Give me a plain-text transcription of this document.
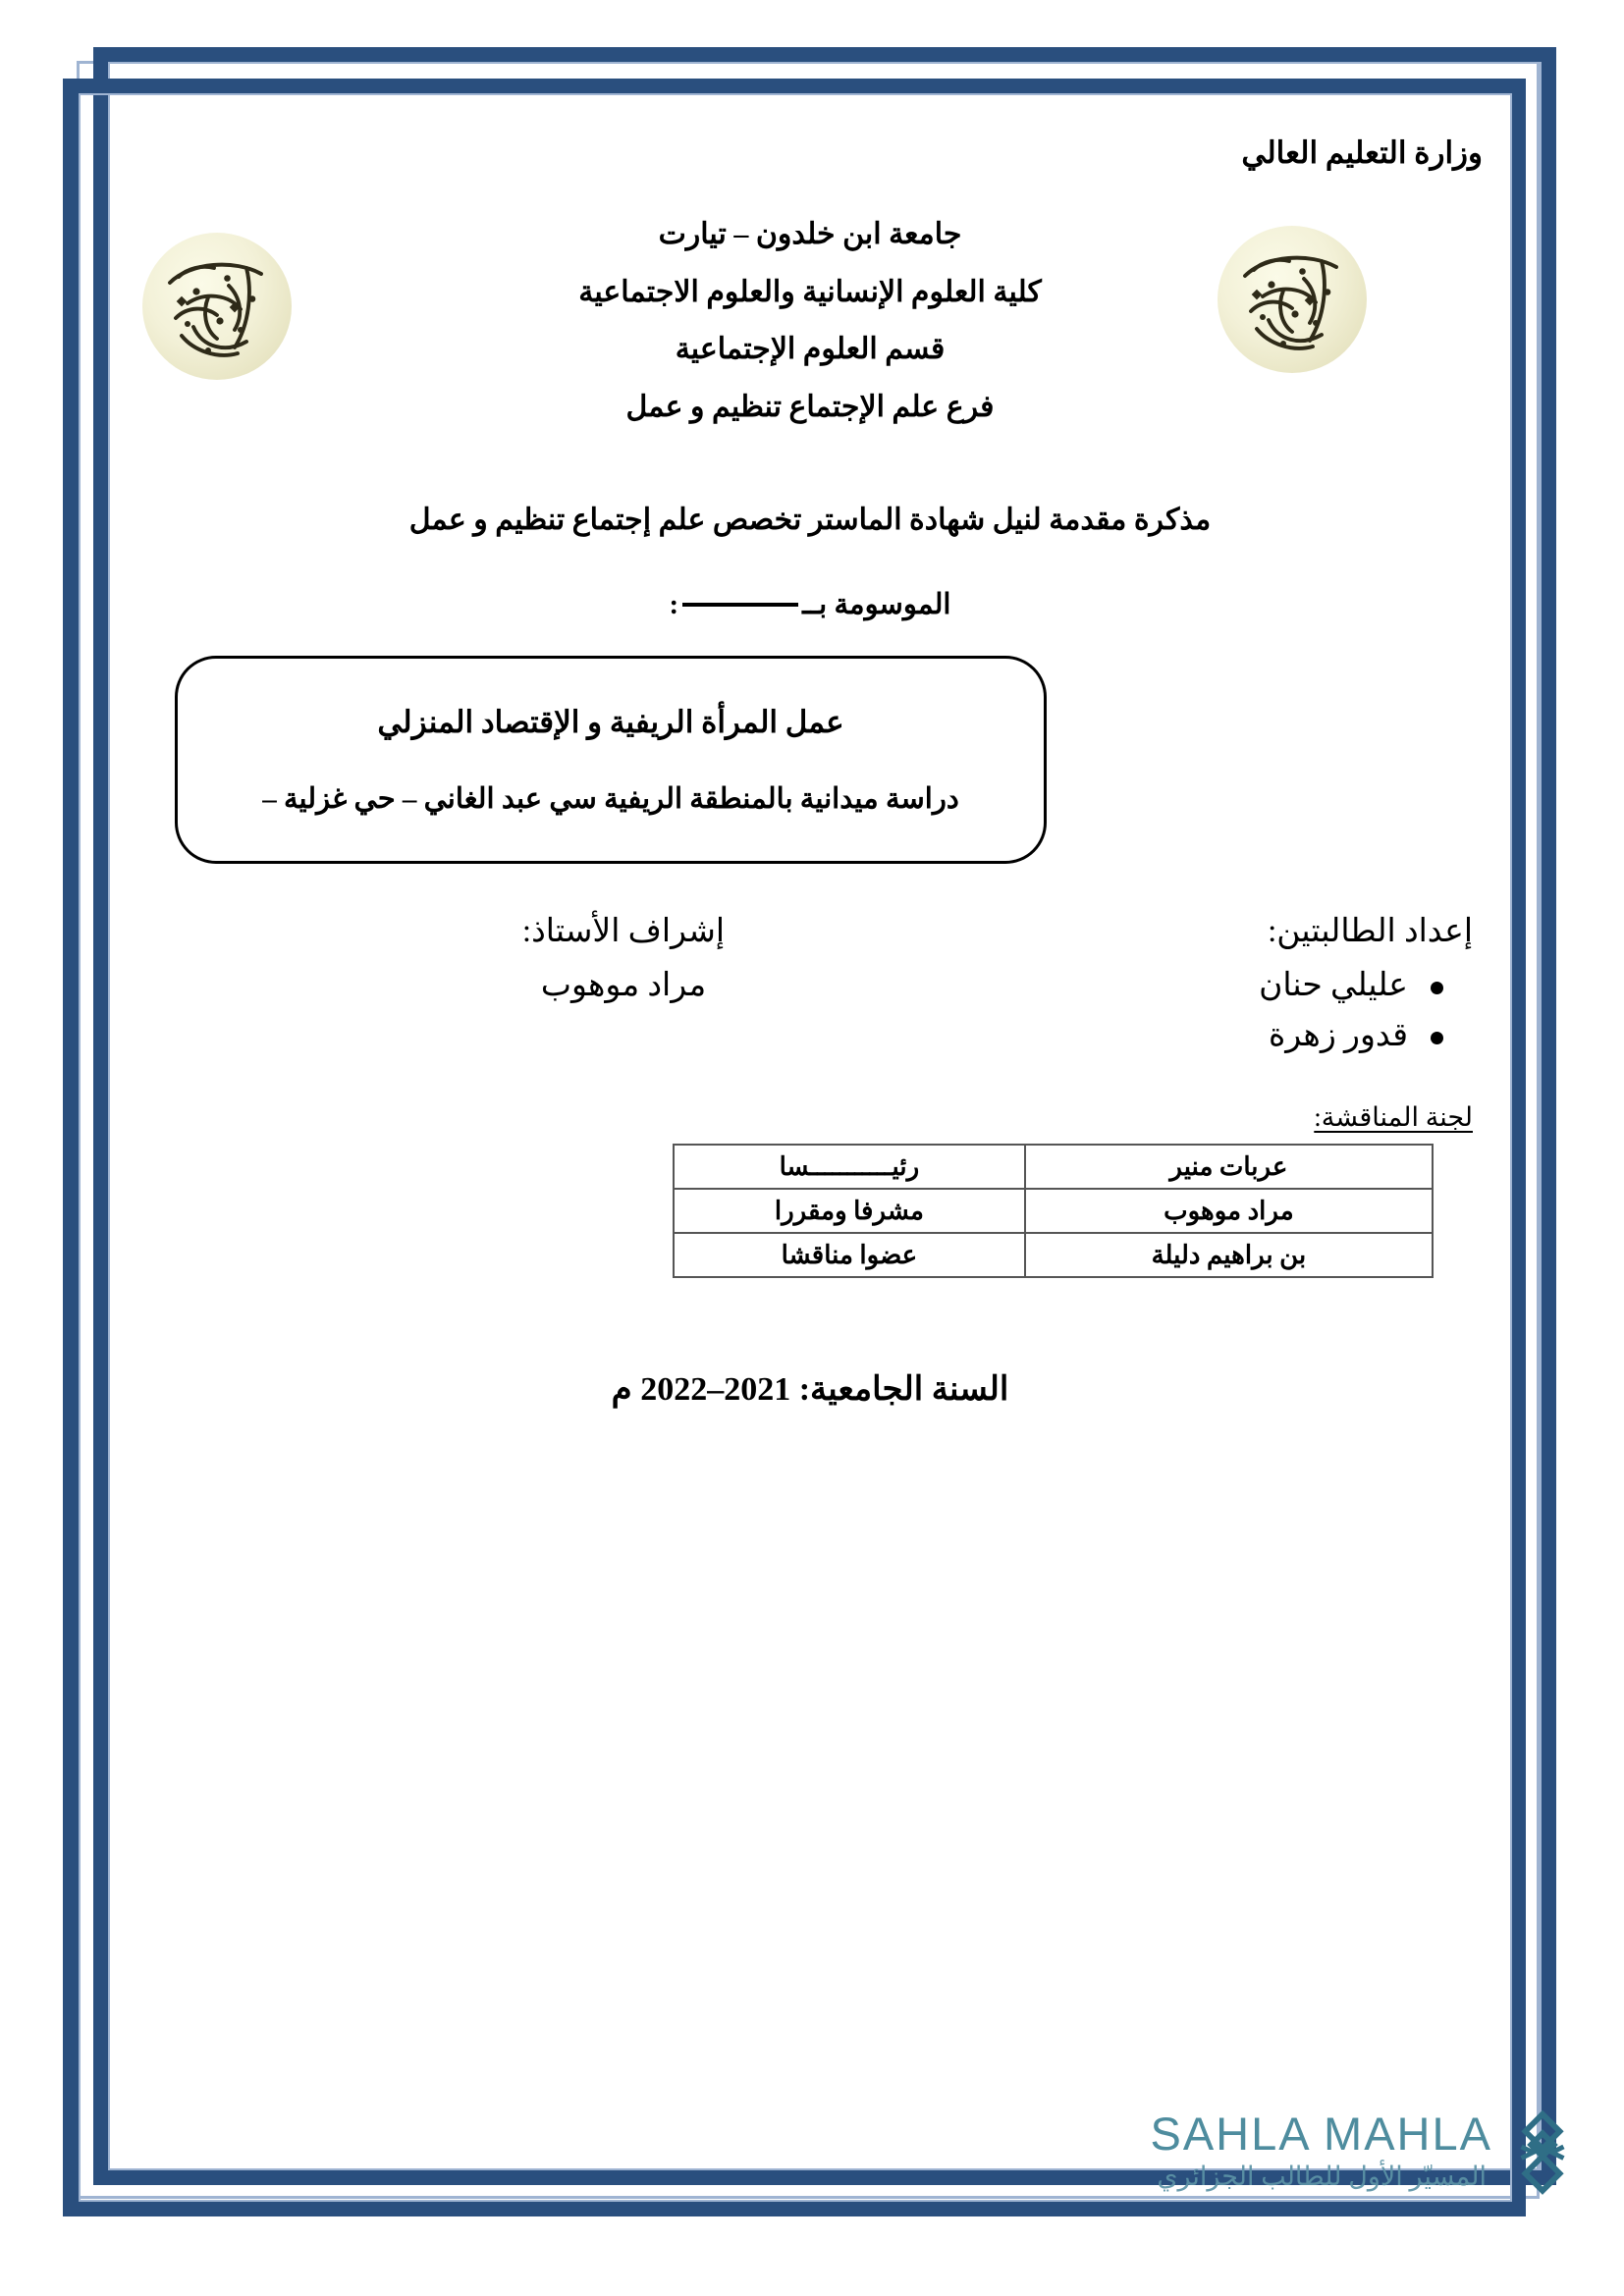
وزارة التعليم العالي
جامعة ابن خلدون – تيارت
كلية العلوم الإنسانية والعلوم الاجتماعية
قسم العلوم الإجتماعية
فرع علم الإجتماع تنظيم و عمل
مذكرة مقدمة لنيل شهادة الماستر تخصص علم إجتماع تنظيم و عمل
الموسومة بــ:
عمل المرأة الريفية و الإقتصاد المنزلي
دراسة ميدانية بالمنطقة الريفية سي عبد الغاني – حي غزلية –
إعداد الطالبتين:
عليلي حنان
قدور زهرة
إشراف الأستاذ:
مراد موهوب
لجنة المناقشة:
عربات منير	رئيـــــــــــسا
مراد موهوب	مشرفا ومقررا
بن براهيم دليلة	عضوا مناقشا
السنة الجامعية: 2021–2022 م
SAHLA MAHLA
المسيّر الأول للطالب الجزائري
